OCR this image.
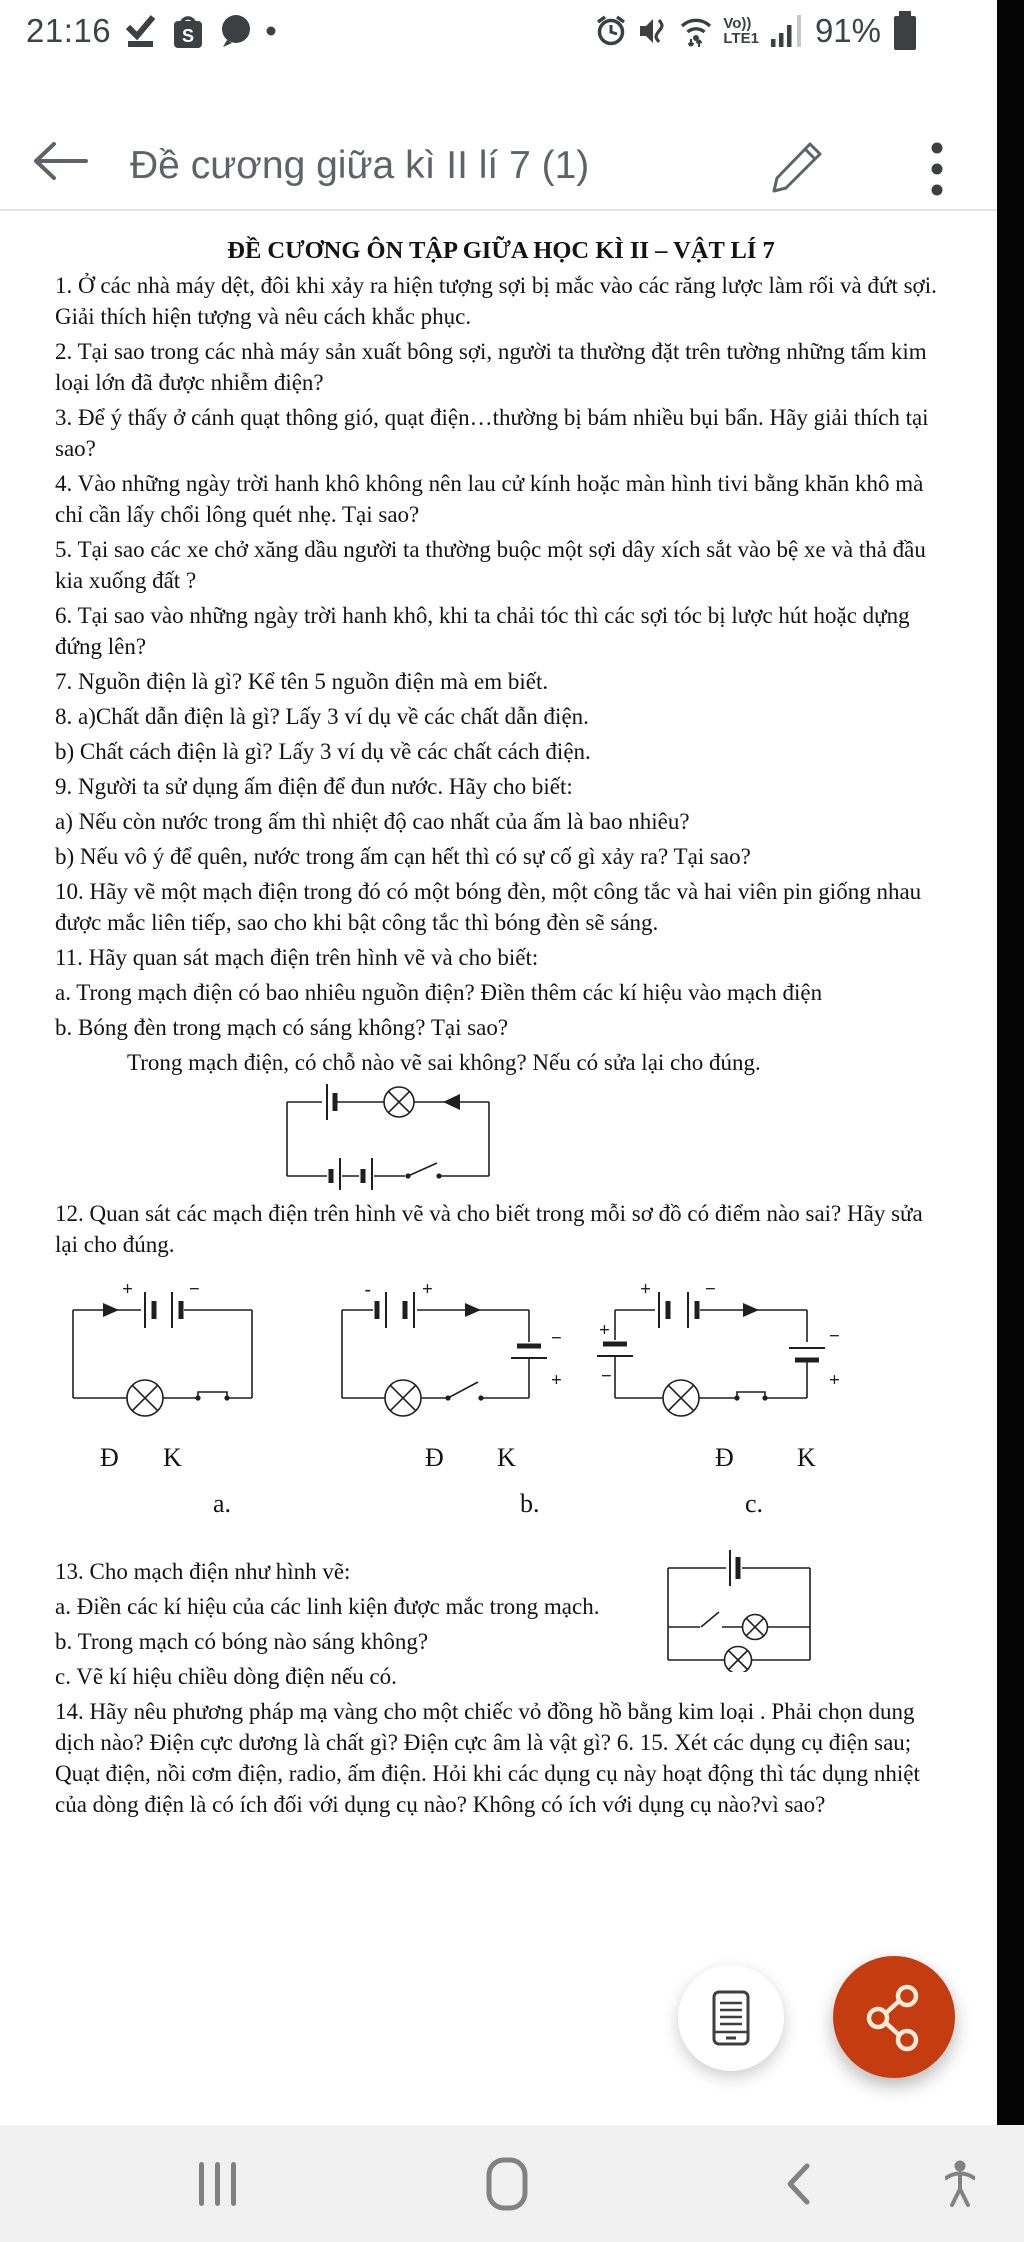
21:16	S
Vo))
LTE1 91%
Đề cương giữa kì II lí 7 (1)
ĐỀ CƯƠNG ÔN TẬP GIỮA HỌC KÌ II – VẬT LÍ 7

1. Ở các nhà máy dệt, đôi khi xảy ra hiện tượng sợi bị mắc vào các răng lược làm rối và đứt sợi. Giải thích hiện tượng và nêu cách khắc phục.

2. Tại sao trong các nhà máy sản xuất bông sợi, người ta thường đặt trên tường những tấm kim loại lớn đã được nhiễm điện?

3. Để ý thấy ở cánh quạt thông gió, quạt điện…thường bị bám nhiều bụi bẩn. Hãy giải thích tại sao?

4. Vào những ngày trời hanh khô không nên lau cử kính hoặc màn hình tivi bằng khăn khô mà chỉ cần lấy chổi lông quét nhẹ. Tại sao?

5. Tại sao các xe chở xăng dầu người ta thường buộc một sợi dây xích sắt vào bệ xe và thả đầu kia xuống đất ?

6. Tại sao vào những ngày trời hanh khô, khi ta chải tóc thì các sợi tóc bị lược hút hoặc dựng đứng lên?

7. Nguồn điện là gì? Kể tên 5 nguồn điện mà em biết.

8. a)Chất dẫn điện là gì? Lấy 3 ví dụ về các chất dẫn điện.

b) Chất cách điện là gì? Lấy 3 ví dụ về các chất cách điện.

9. Người ta sử dụng ấm điện để đun nước. Hãy cho biết:

a) Nếu còn nước trong ấm thì nhiệt độ cao nhất của ấm là bao nhiêu?

b) Nếu vô ý để quên, nước trong ấm cạn hết thì có sự cố gì xảy ra? Tại sao?

10. Hãy vẽ một mạch điện trong đó có một bóng đèn, một công tắc và hai viên pin giống nhau được mắc liên tiếp, sao cho khi bật công tắc thì bóng đèn sẽ sáng.

11. Hãy quan sát mạch điện trên hình vẽ và cho biết:

a. Trong mạch điện có bao nhiêu nguồn điện? Điền thêm các kí hiệu vào mạch điện

b. Bóng đèn trong mạch có sáng không? Tại sao?

Trong mạch điện, có chỗ nào vẽ sai không? Nếu có sửa lại cho đúng.

12. Quan sát các mạch điện trên hình vẽ và cho biết trong mỗi sơ đồ có điểm nào sai? Hãy sửa lại cho đúng.

+	−	-	+
−
+
+	−
+
−
−
+
Đ K	Đ K	Đ K
a.	b.	c.

13. Cho mạch điện như hình vẽ:

a. Điền các kí hiệu của các linh kiện được mắc trong mạch.

b. Trong mạch có bóng nào sáng không?

c. Vẽ kí hiệu chiều dòng điện nếu có.

14. Hãy nêu phương pháp mạ vàng cho một chiếc vỏ đồng hồ bằng kim loại . Phải chọn dung dịch nào? Điện cực dương là chất gì? Điện cực âm là vật gì? 6. 15. Xét các dụng cụ điện sau; Quạt điện, nồi cơm điện, radio, ấm điện. Hỏi khi các dụng cụ này hoạt động thì tác dụng nhiệt của dòng điện là có ích đối với dụng cụ nào? Không có ích với dụng cụ nào?vì sao?
